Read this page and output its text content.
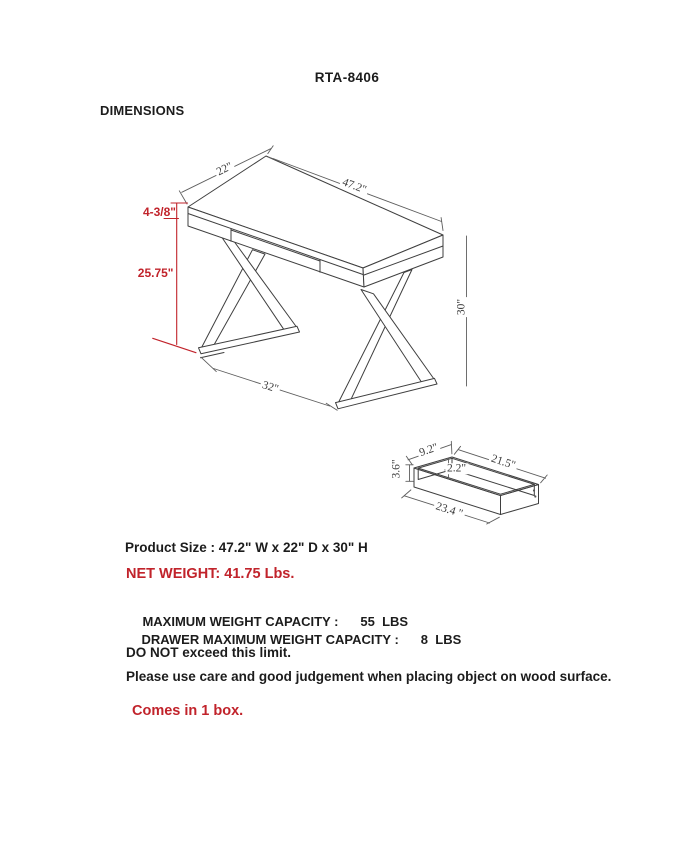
RTA-8406
DIMENSIONS
22"
47.2"
30"
32"
4-3/8"
25.75"
9.2"
21.5"
2.2"
3.6"
23.4 "
Product Size : 47.2" W x 22" D x 30" H
NET WEIGHT: 41.75 Lbs.

MAXIMUM WEIGHT CAPACITY : 55  LBS

DRAWER MAXIMUM WEIGHT CAPACITY : 8  LBS

DO NOT exceed this limit.
Please use care and good judgement when placing object on wood surface.
Comes in 1 box.
